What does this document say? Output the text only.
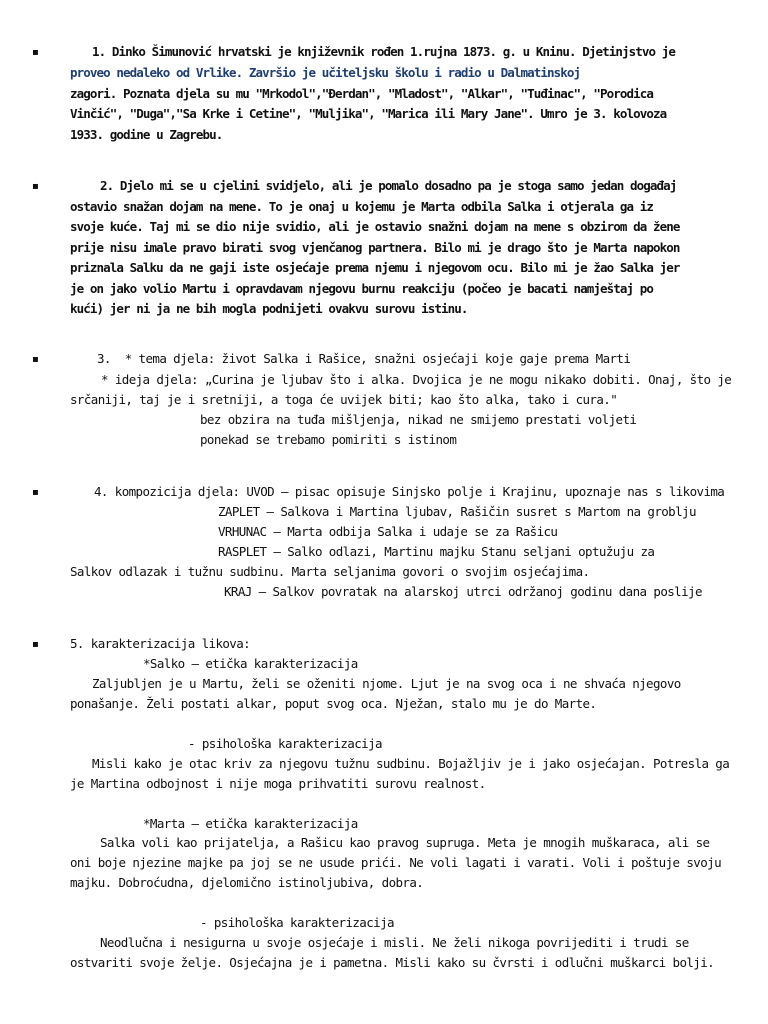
▪	1. Dinko Šimunović hrvatski je književnik rođen 1.rujna 1873. g. u Kninu. Djetinjstvo je
proveo nedaleko od Vrlike. Završio je učiteljsku školu i radio u Dalmatinskoj
zagori. Poznata djela su mu "Mrkodol","Đerdan", "Mladost", "Alkar", "Tuđinac", "Porodica
Vinčić", "Duga","Sa Krke i Cetine", "Muljika", "Marica ili Mary Jane". Umro je 3. kolovoza
1933. godine u Zagrebu.
▪	2. Djelo mi se u cjelini svidjelo, ali je pomalo dosadno pa je stoga samo jedan događaj
ostavio snažan dojam na mene. To je onaj u kojemu je Marta odbila Salka i otjerala ga iz
svoje kuće. Taj mi se dio nije svidio, ali je ostavio snažni dojam na mene s obzirom da žene
prije nisu imale pravo birati svog vjenčanog partnera. Bilo mi je drago što je Marta napokon
priznala Salku da ne gaji iste osjećaje prema njemu i njegovom ocu. Bilo mi je žao Salka jer
je on jako volio Martu i opravdavam njegovu burnu reakciju (počeo je bacati namještaj po
kući) jer ni ja ne bih mogla podnijeti ovakvu surovu istinu.
▪	3.  * tema djela: život Salka i Rašice, snažni osjećaji koje gaje prema Marti
* ideja djela: „Curina je ljubav što i alka. Dvojica je ne mogu nikako dobiti. Onaj, što je
srčaniji, taj je i sretniji, a toga će uvijek biti; kao što alka, tako i cura."
bez obzira na tuđa mišljenja, nikad ne smijemo prestati voljeti
ponekad se trebamo pomiriti s istinom
▪	4. kompozicija djela: UVOD – pisac opisuje Sinjsko polje i Krajinu, upoznaje nas s likovima
ZAPLET – Salkova i Martina ljubav, Rašičin susret s Martom na groblju
VRHUNAC – Marta odbija Salka i udaje se za Rašicu
RASPLET – Salko odlazi, Martinu majku Stanu seljani optužuju za
Salkov odlazak i tužnu sudbinu. Marta seljanima govori o svojim osjećajima.
KRAJ – Salkov povratak na alarskoj utrci održanoj godinu dana poslije
▪ 5. karakterizacija likova:
*Salko – etička karakterizacija
Zaljubljen je u Martu, želi se oženiti njome. Ljut je na svog oca i ne shvaća njegovo
ponašanje. Želi postati alkar, poput svog oca. Nježan, stalo mu je do Marte.
- psihološka karakterizacija
Misli kako je otac kriv za njegovu tužnu sudbinu. Bojažljiv je i jako osjećajan. Potresla ga
je Martina odbojnost i nije moga prihvatiti surovu realnost.
*Marta – etička karakterizacija
Salka voli kao prijatelja, a Rašicu kao pravog supruga. Meta je mnogih muškaraca, ali se
oni boje njezine majke pa joj se ne usude prići. Ne voli lagati i varati. Voli i poštuje svoju
majku. Dobroćudna, djelomično istinoljubiva, dobra.
- psihološka karakterizacija
Neodlučna i nesigurna u svoje osjećaje i misli. Ne želi nikoga povrijediti i trudi se
ostvariti svoje želje. Osjećajna je i pametna. Misli kako su čvrsti i odlučni muškarci bolji.
